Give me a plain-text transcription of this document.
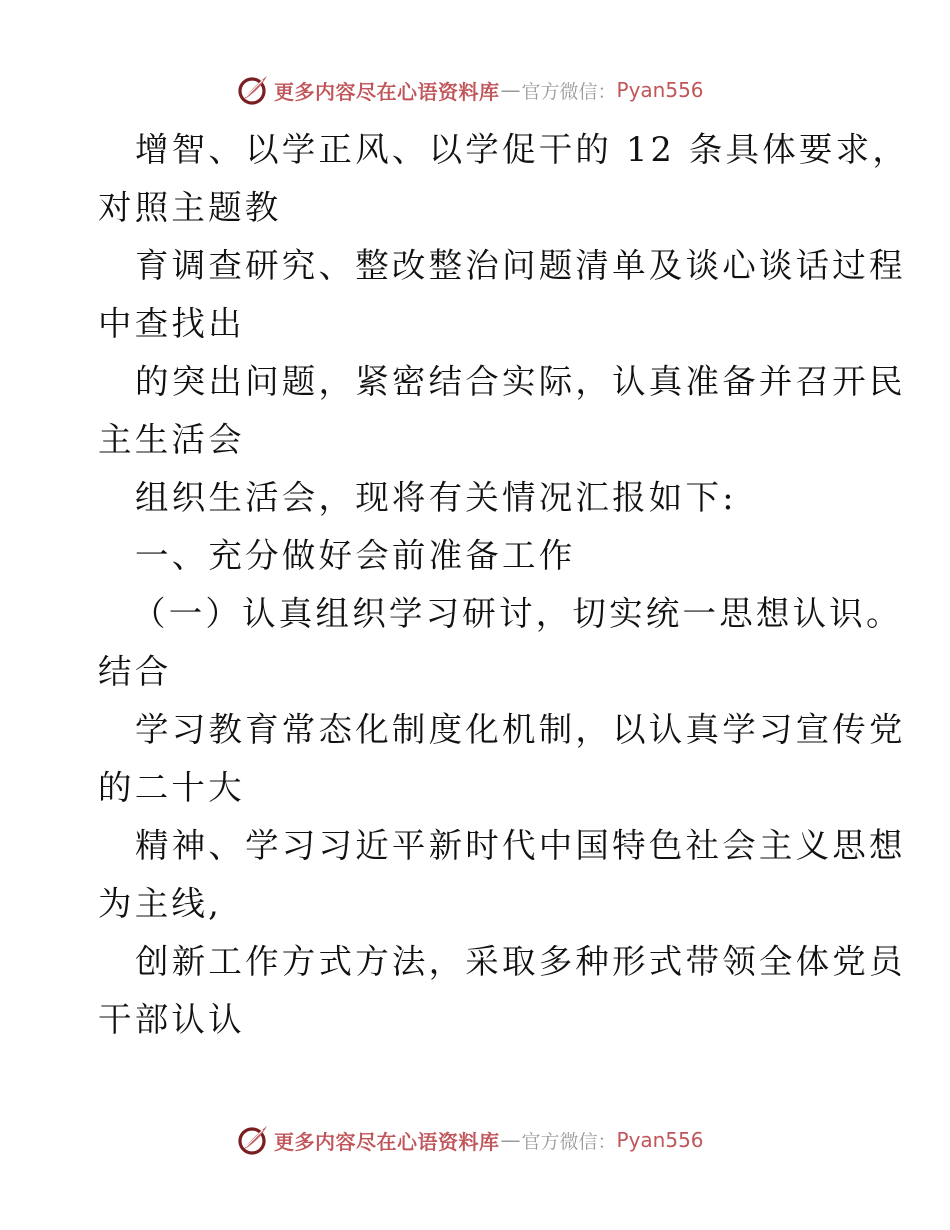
更多内容尽在心语资料库 — 官方微信： Pyan556
增智、以学正风、以学促干的 12 条具体要求，
对照主题教
育调查研究、整改整治问题清单及谈心谈话过程
中查找出
的突出问题，紧密结合实际，认真准备并召开民
主生活会
组织生活会，现将有关情况汇报如下:
一、充分做好会前准备工作
（一）认真组织学习研讨，切实统一思想认识。
结合
学习教育常态化制度化机制，以认真学习宣传党
的二十大
精神、学习习近平新时代中国特色社会主义思想
为主线,
创新工作方式方法，采取多种形式带领全体党员
干部认认
更多内容尽在心语资料库 — 官方微信： Pyan556
